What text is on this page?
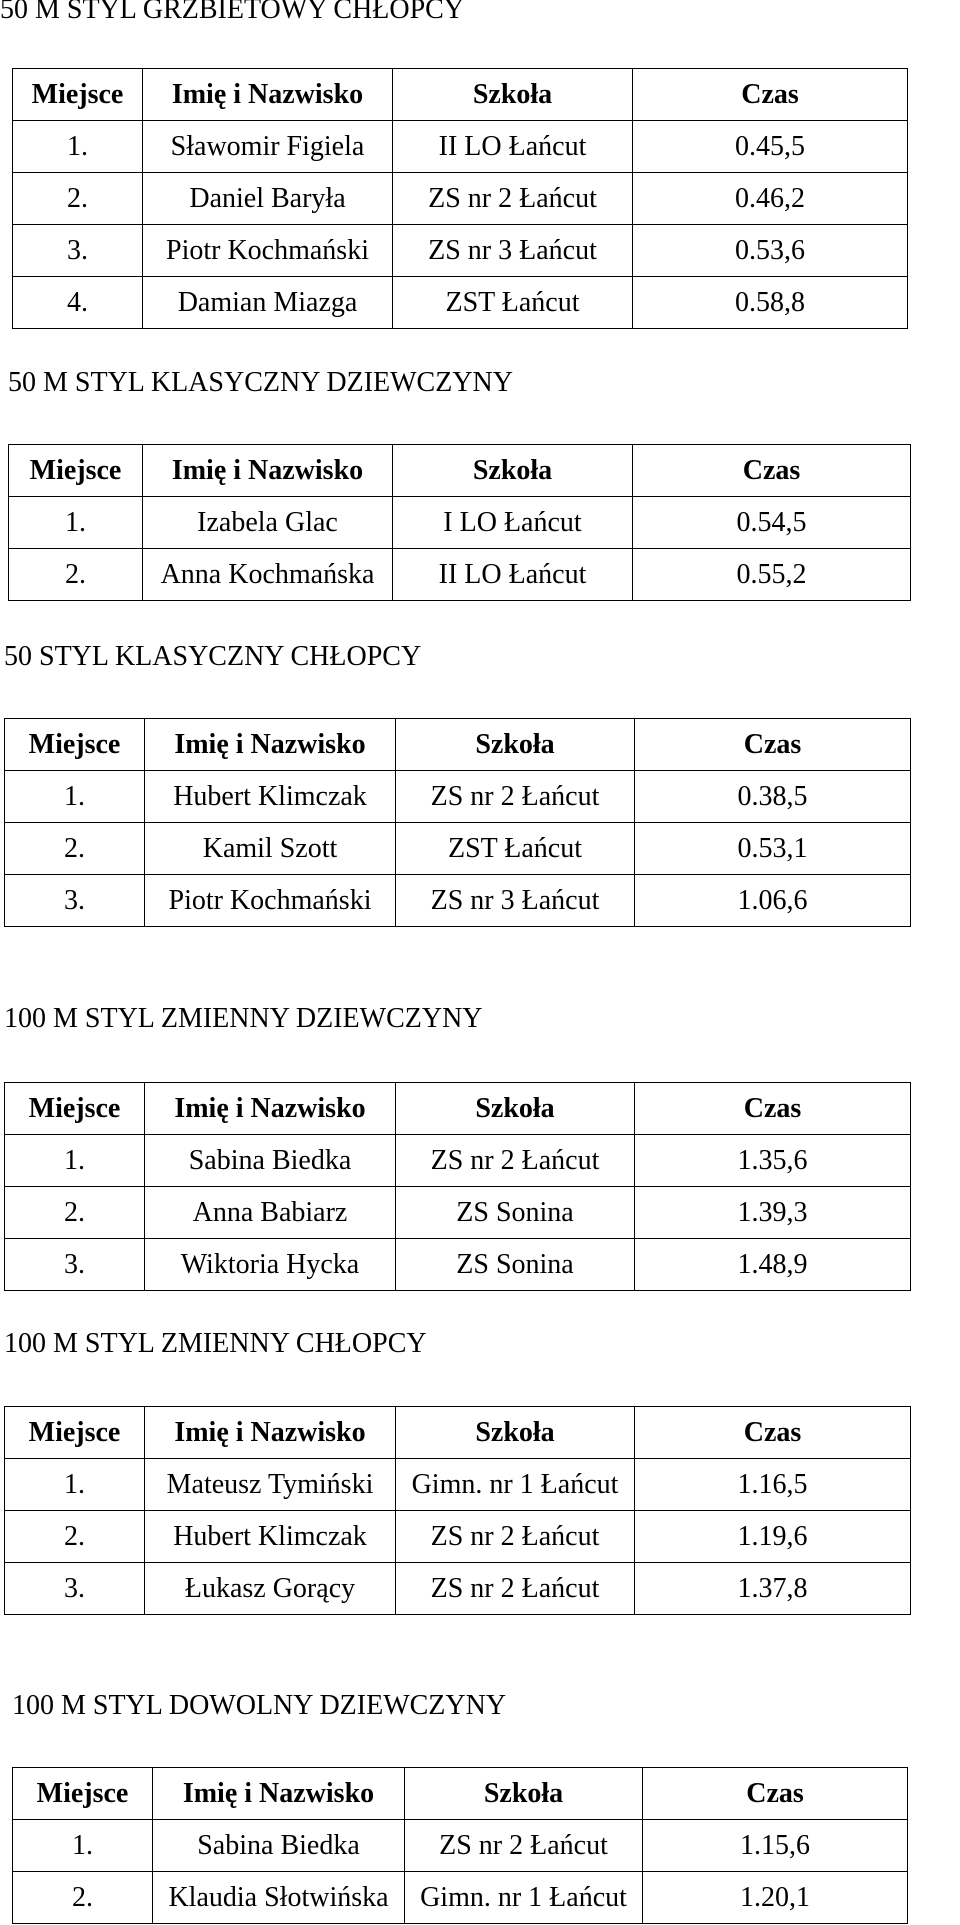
50 M STYL GRZBIETOWY CHŁOPCY
Miejsce	Imię i Nazwisko	Szkoła	Czas
1.	Sławomir Figiela	II LO Łańcut	0.45,5
2.	Daniel Baryła	ZS nr 2 Łańcut	0.46,2
3.	Piotr Kochmański	ZS nr 3 Łańcut	0.53,6
4.	Damian Miazga	ZST Łańcut	0.58,8
50 M STYL KLASYCZNY DZIEWCZYNY
Miejsce	Imię i Nazwisko	Szkoła	Czas
1.	Izabela Glac	I LO Łańcut	0.54,5
2.	Anna Kochmańska	II LO Łańcut	0.55,2
50 STYL KLASYCZNY CHŁOPCY
Miejsce	Imię i Nazwisko	Szkoła	Czas
1.	Hubert Klimczak	ZS nr 2 Łańcut	0.38,5
2.	Kamil Szott	ZST Łańcut	0.53,1
3.	Piotr Kochmański	ZS nr 3 Łańcut	1.06,6
100 M STYL ZMIENNY DZIEWCZYNY
Miejsce	Imię i Nazwisko	Szkoła	Czas
1.	Sabina Biedka	ZS nr 2 Łańcut	1.35,6
2.	Anna Babiarz	ZS Sonina	1.39,3
3.	Wiktoria Hycka	ZS Sonina	1.48,9
100 M STYL ZMIENNY CHŁOPCY
Miejsce	Imię i Nazwisko	Szkoła	Czas
1.	Mateusz Tymiński	Gimn. nr 1 Łańcut	1.16,5
2.	Hubert Klimczak	ZS nr 2 Łańcut	1.19,6
3.	Łukasz Gorący	ZS nr 2 Łańcut	1.37,8
100 M STYL DOWOLNY DZIEWCZYNY
Miejsce	Imię i Nazwisko	Szkoła	Czas
1.	Sabina Biedka	ZS nr 2 Łańcut	1.15,6
2.	Klaudia Słotwińska	Gimn. nr 1 Łańcut	1.20,1
